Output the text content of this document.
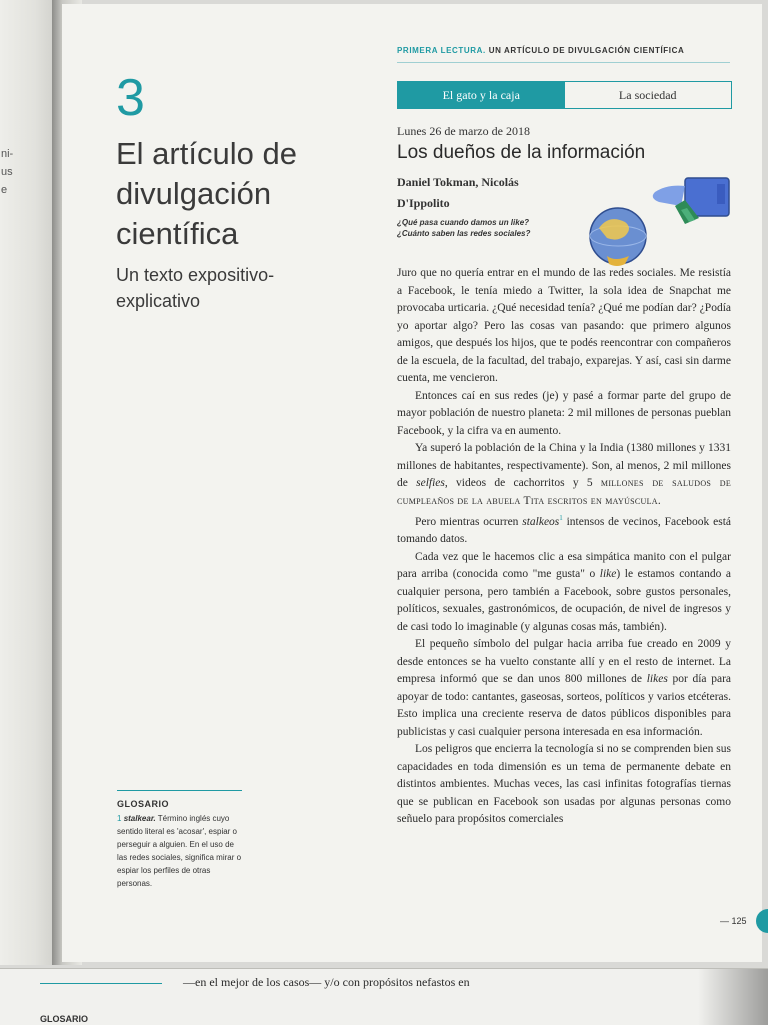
ni-
us
e
3
El artículo de divulgación científica
Un texto expositivo-explicativo
GLOSARIO
1 stalkear. Término inglés cuyo sentido literal es 'acosar', espiar o perseguir a alguien. En el uso de las redes sociales, significa mirar o espiar los perfiles de otras personas.
PRIMERA LECTURA. UN ARTÍCULO DE DIVULGACIÓN CIENTÍFICA
El gato y la caja	La sociedad
Lunes 26 de marzo de 2018
Los dueños de la información
Daniel Tokman, Nicolás D'Ippolito
¿Qué pasa cuando damos un like?
¿Cuánto saben las redes sociales?

Juro que no quería entrar en el mundo de las redes sociales. Me resistía a Facebook, le tenía miedo a Twitter, la sola idea de Snapchat me provocaba urticaria. ¿Qué necesidad tenía? ¿Qué me podían dar? ¿Podía yo aportar algo? Pero las cosas van pasando: que primero algunos amigos, que después los hijos, que te podés reencontrar con compañeros de la escuela, de la facultad, del trabajo, exparejas. Y así, casi sin darme cuenta, me vencieron.

Entonces caí en sus redes (je) y pasé a formar parte del grupo de mayor población de nuestro planeta: 2 mil millones de personas pueblan Facebook, y la cifra va en aumento.

Ya superó la población de la China y la India (1380 millones y 1331 millones de habitantes, respectivamente). Son, al menos, 2 mil millones de selfies, videos de cachorritos y 5 millones de saludos de cumpleaños de la abuela Tita escritos en mayúscula.

Pero mientras ocurren stalkeos$^1$ intensos de vecinos, Facebook está tomando datos.

Cada vez que le hacemos clic a esa simpática manito con el pulgar para arriba (conocida como "me gusta" o like) le estamos contando a cualquier persona, pero también a Facebook, sobre gustos personales, políticos, sexuales, gastronómicos, de ocupación, de nivel de ingresos y de casi todo lo imaginable (y algunas cosas más, también).

El pequeño símbolo del pulgar hacia arriba fue creado en 2009 y desde entonces se ha vuelto constante allí y en el resto de internet. La empresa informó que se dan unos 800 millones de likes por día para apoyar de todo: cantantes, gaseosas, sorteos, políticos y varios etcéteras. Esto implica una creciente reserva de datos públicos disponibles para publicistas y casi cualquier persona interesada en esa información.

Los peligros que encierra la tecnología si no se comprenden bien sus capacidades en toda dimensión es un tema de permanente debate en distintos ambientes. Muchas veces, las casi infinitas fotografías tiernas que se publican en Facebook son usadas por algunas personas como señuelo para propósitos comerciales

— 125
—en el mejor de los casos— y/o con propósitos nefastos en
GLOSARIO
